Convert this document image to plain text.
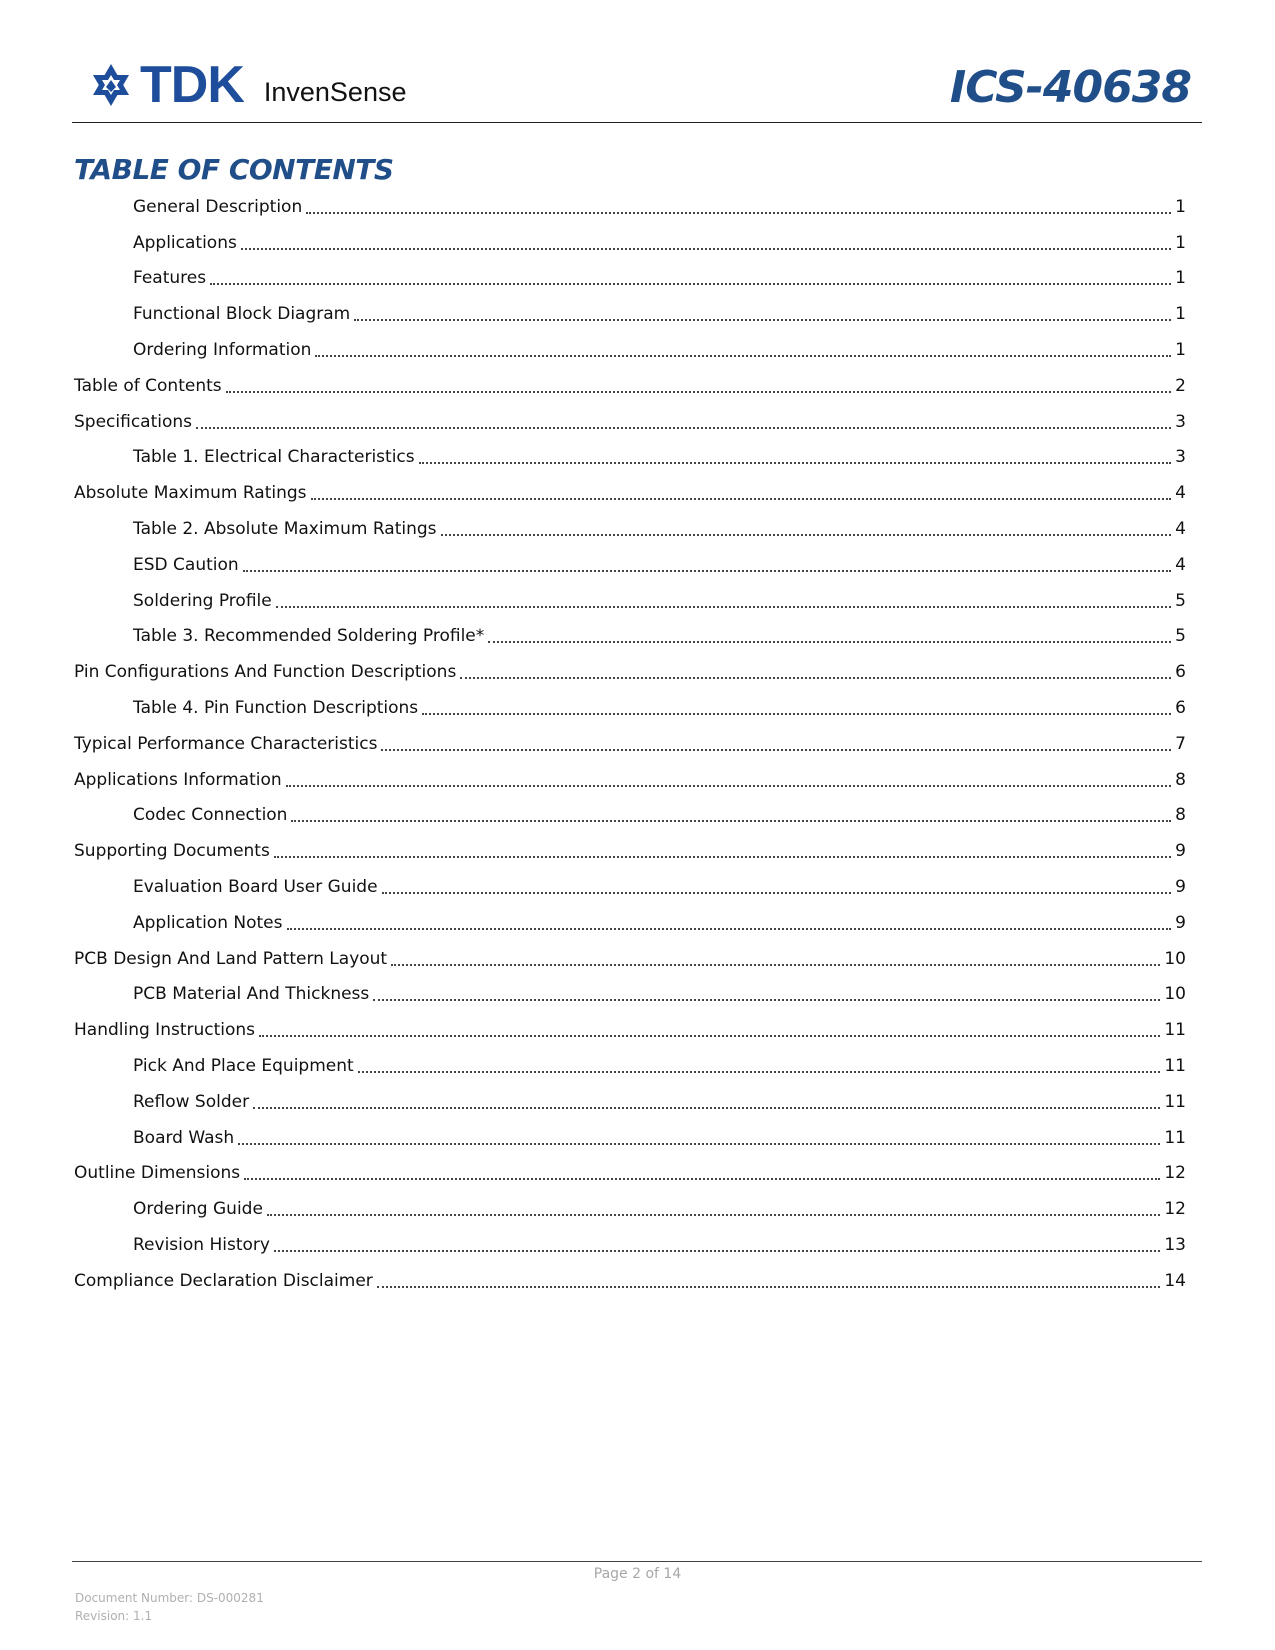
TDK InvenSense	ICS-40638
TABLE OF CONTENTS
General Description	1
Applications	1
Features	1
Functional Block Diagram	1
Ordering Information	1
Table of Contents	2
Specifications	3
Table 1. Electrical Characteristics	3
Absolute Maximum Ratings	4
Table 2. Absolute Maximum Ratings	4
ESD Caution	4
Soldering Profile	5
Table 3. Recommended Soldering Profile*	5
Pin Configurations And Function Descriptions	6
Table 4. Pin Function Descriptions	6
Typical Performance Characteristics	7
Applications Information	8
Codec Connection	8
Supporting Documents	9
Evaluation Board User Guide	9
Application Notes	9
PCB Design And Land Pattern Layout	10
PCB Material And Thickness	10
Handling Instructions	11
Pick And Place Equipment	11
Reflow Solder	11
Board Wash	11
Outline Dimensions	12
Ordering Guide	12
Revision History	13
Compliance Declaration Disclaimer	14
Page 2 of 14
Document Number: DS-000281
Revision: 1.1
